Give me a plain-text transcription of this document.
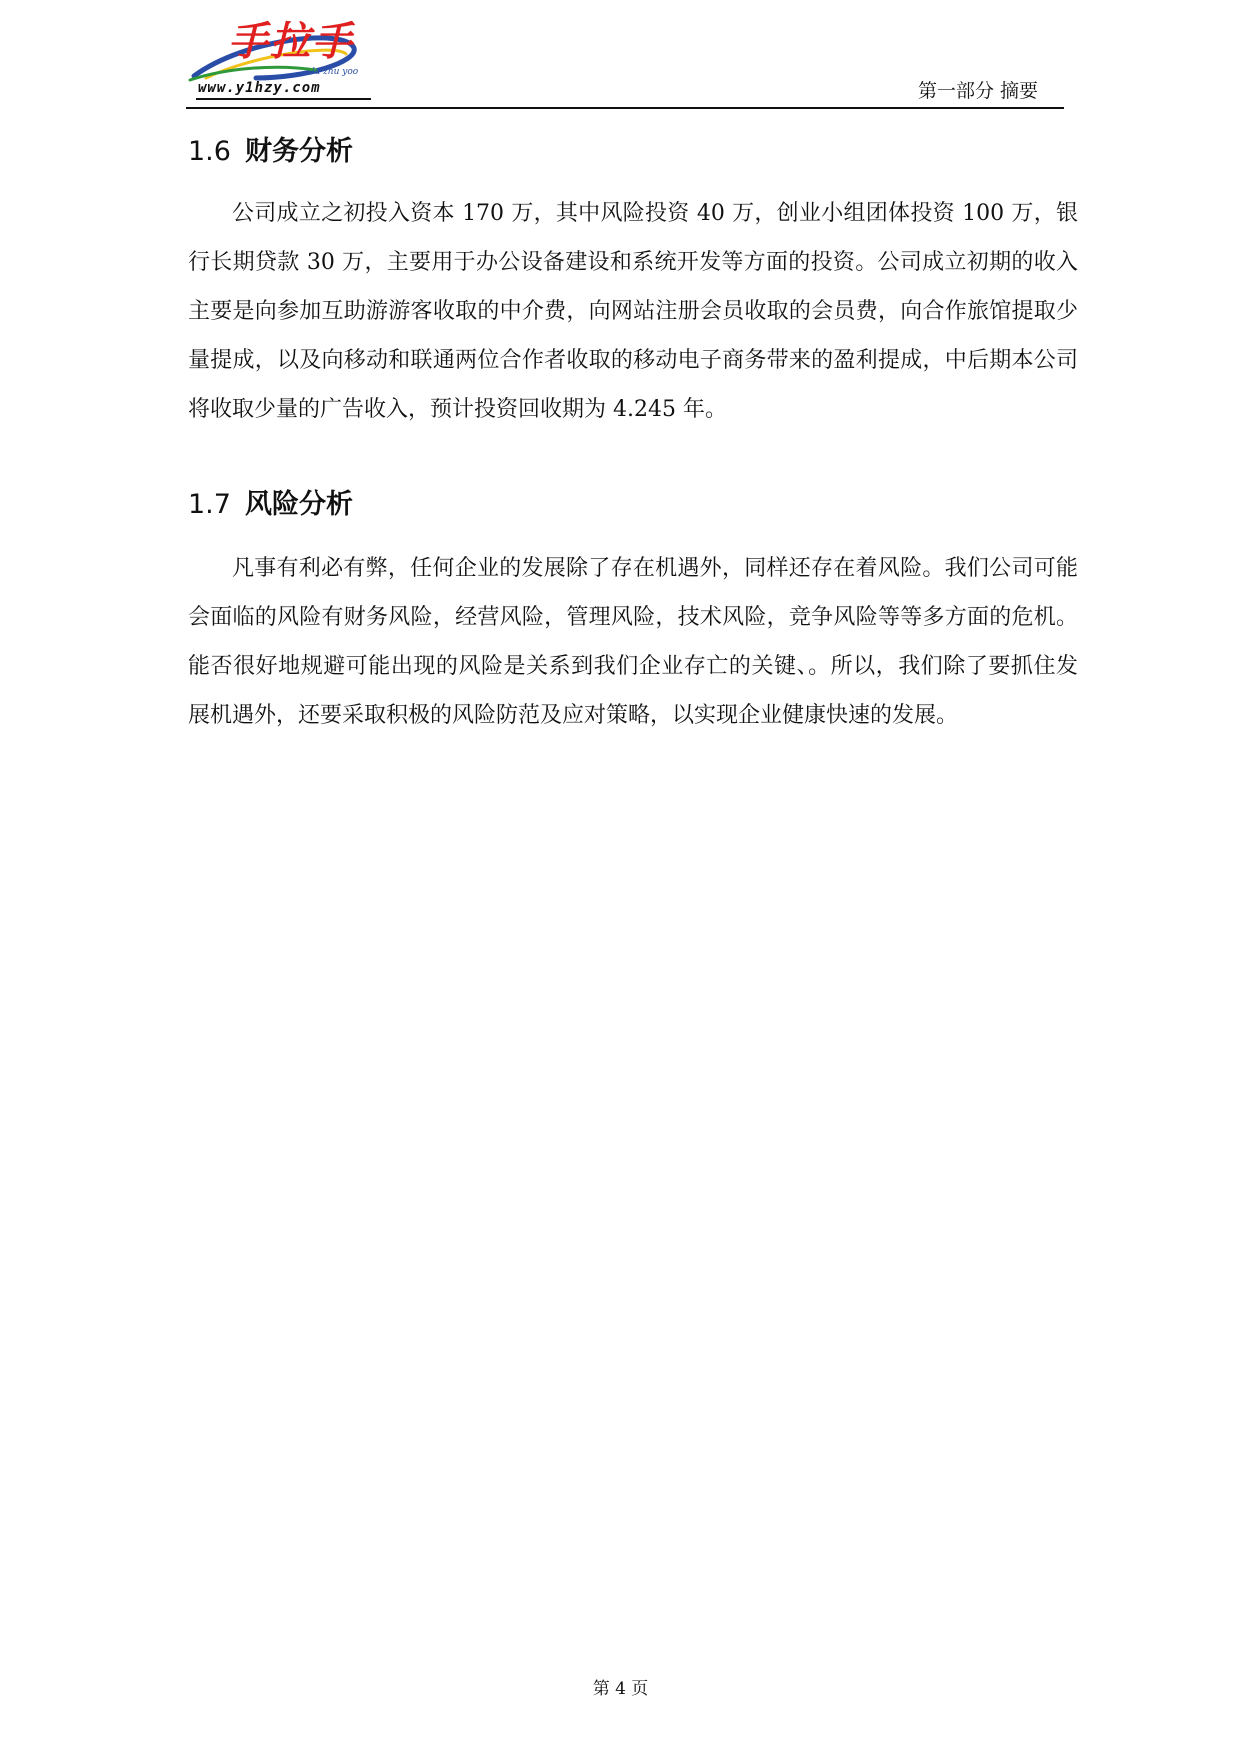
手拉手
la zhu yoo
www.y1hzy.com	第一部分 摘要
1.6 财务分析

公司成立之初投入资本 170 万，其中风险投资 40 万，创业小组团体投资 100 万，银行长期贷款 30 万，主要用于办公设备建设和系统开发等方面的投资。公司成立初期的收入主要是向参加互助游游客收取的中介费，向网站注册会员收取的会员费，向合作旅馆提取少量提成，以及向移动和联通两位合作者收取的移动电子商务带来的盈利提成，中后期本公司将收取少量的广告收入，预计投资回收期为 4.245 年。

1.7 风险分析

凡事有利必有弊，任何企业的发展除了存在机遇外，同样还存在着风险。我们公司可能会面临的风险有财务风险，经营风险，管理风险，技术风险，竞争风险等等多方面的危机。能否很好地规避可能出现的风险是关系到我们企业存亡的关键、。所以，我们除了要抓住发展机遇外，还要采取积极的风险防范及应对策略，以实现企业健康快速的发展。

第 4 页
